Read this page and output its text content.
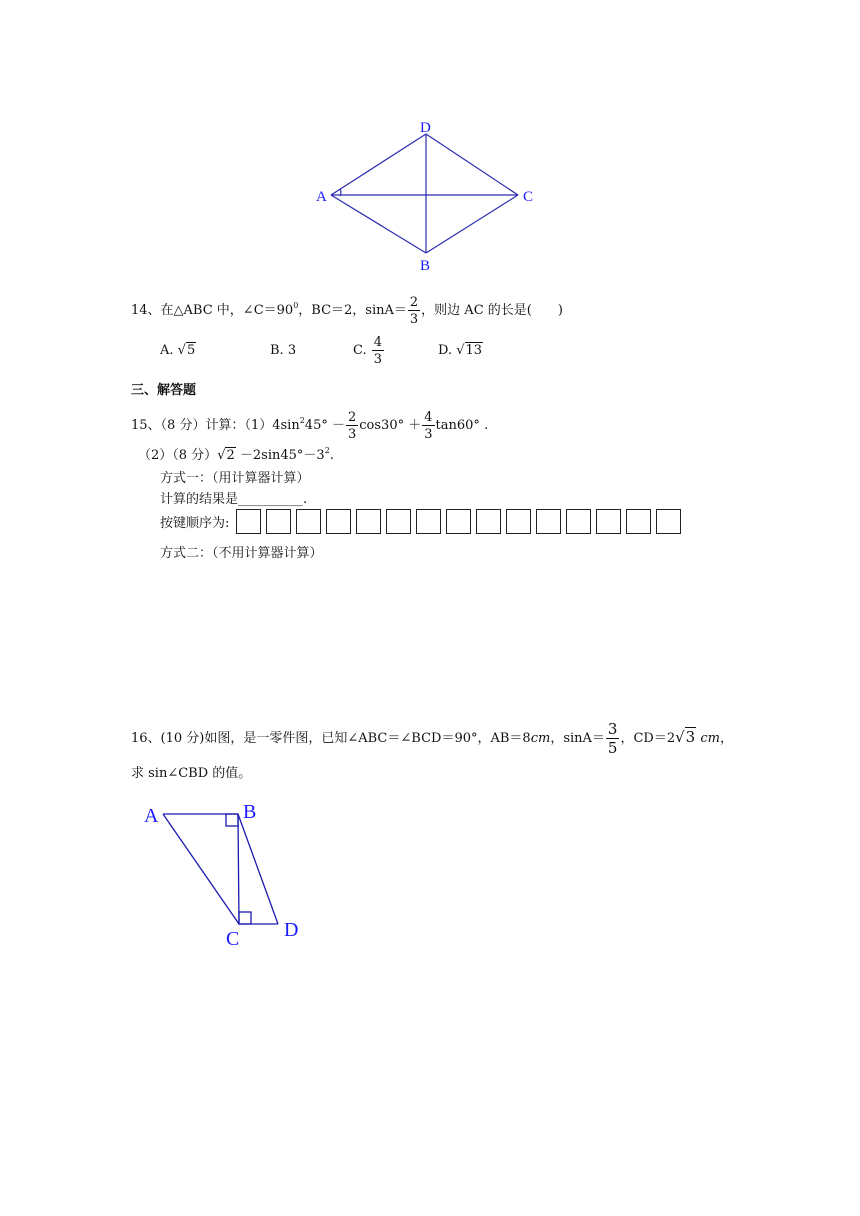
D
A	C
B
14、在△ABC 中，$\angle C=90^0$，BC＝2，$\sin A= \frac{2}{3}$ ，则边 AC 的长是(　　)
A. √5	B. 3	C. $\frac{4}{3}$	D. √13
三、解答题
15、（8 分）计算：$(1)4\sin^245^\circ - \frac{2}{3} \cos 30^\circ + \frac{4}{3} \tan 60^\circ$ .
（2）（8 分）$√2 -2\sin 45^\circ-3^2$.
方式一：（用计算器计算）
计算的结果是__________.
按键顺序为:
方式二：（不用计算器计算）
16、(10 分)如图，是一零件图，已知∠ABC＝∠BCD＝90°，AB＝8cm，$\sin A= \frac{3}{5}$ ，CD＝2√3 cm，
求 sin∠CBD 的值。
A	B
C D
